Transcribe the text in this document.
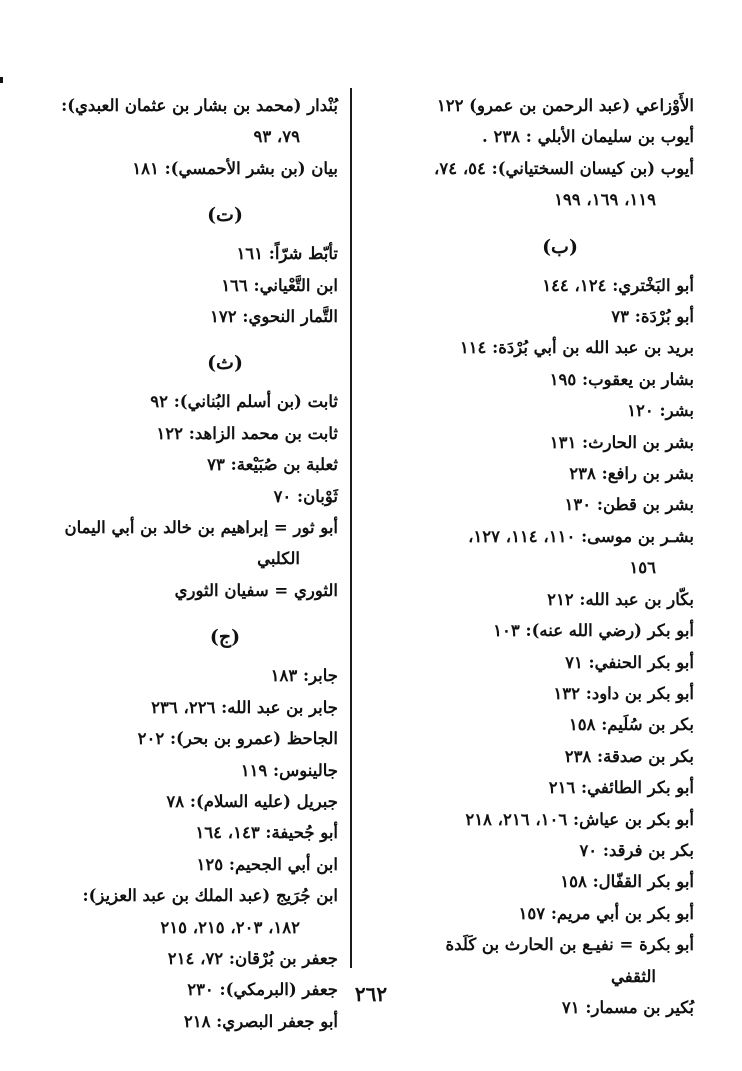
الأَوْزاعي (عبد الرحمن بن عمرو) ١٢٢
أيوب بن سليمان الأبلي : ٢٣٨ .
أيوب (بن كيسان السختياني): ٥٤، ٧٤،
١١٩، ١٦٩، ١٩٩
(ب)
أبو البَخْتري: ١٢٤، ١٤٤
أبو بُرْدَة: ٧٣
بريد بن عبد الله بن أبي بُرْدَة: ١١٤
بشار بن يعقوب: ١٩٥
بشر: ١٢٠
بشر بن الحارث: ١٣١
بشر بن رافع: ٢٣٨
بشر بن قطن: ١٣٠
بشـر بن موسى: ١١٠، ١١٤، ١٢٧،
١٥٦
بكّار بن عبد الله: ٢١٢
أبو بكر (رضي الله عنه): ١٠٣
أبو بكر الحنفي: ٧١
أبو بكر بن داود: ١٣٢
بكر بن سُلَيم: ١٥٨
بكر بن صدقة: ٢٣٨
أبو بكر الطائفي: ٢١٦
أبو بكر بن عياش: ١٠٦، ٢١٦، ٢١٨
بكر بن فرقد: ٧٠
أبو بكر القفّال: ١٥٨
أبو بكر بن أبي مريم: ١٥٧
أبو بكرة = نفيـع بن الحارث بن كَلَدة
الثقفي
بُكير بن مسمار: ٧١
بُنْدار (محمد بن بشار بن عثمان العبدي):
٧٩، ٩٣
بيان (بن بشر الأحمسي): ١٨١
(ت)
تأبّط شرّاً: ١٦١
ابن التَّعْياني: ١٦٦
التَّمار النحوي: ١٧٢
(ث)
ثابت (بن أسلم البُناني): ٩٢
ثابت بن محمد الزاهد: ١٢٢
ثعلبة بن صُبَيْعة: ٧٣
ثَوْبان: ٧٠
أبو ثور = إبراهيم بن خالد بن أبي اليمان
الكلبي
الثوري = سفيان الثوري
(ج)
جابر: ١٨٣
جابر بن عبد الله: ٢٢٦، ٢٣٦
الجاحظ (عمرو بن بحر): ٢٠٢
جالينوس: ١١٩
جبريل (عليه السلام): ٧٨
أبو جُحيفة: ١٤٣، ١٦٤
ابن أبي الجحيم: ١٢٥
ابن جُرَيج (عبد الملك بن عبد العزيز):
١٨٢، ٢٠٣، ٢١٥، ٢١٥
جعفر بن بُرْقان: ٧٢، ٢١٤
جعفر (البرمكي): ٢٣٠
أبو جعفر البصري: ٢١٨
٢٦٢
